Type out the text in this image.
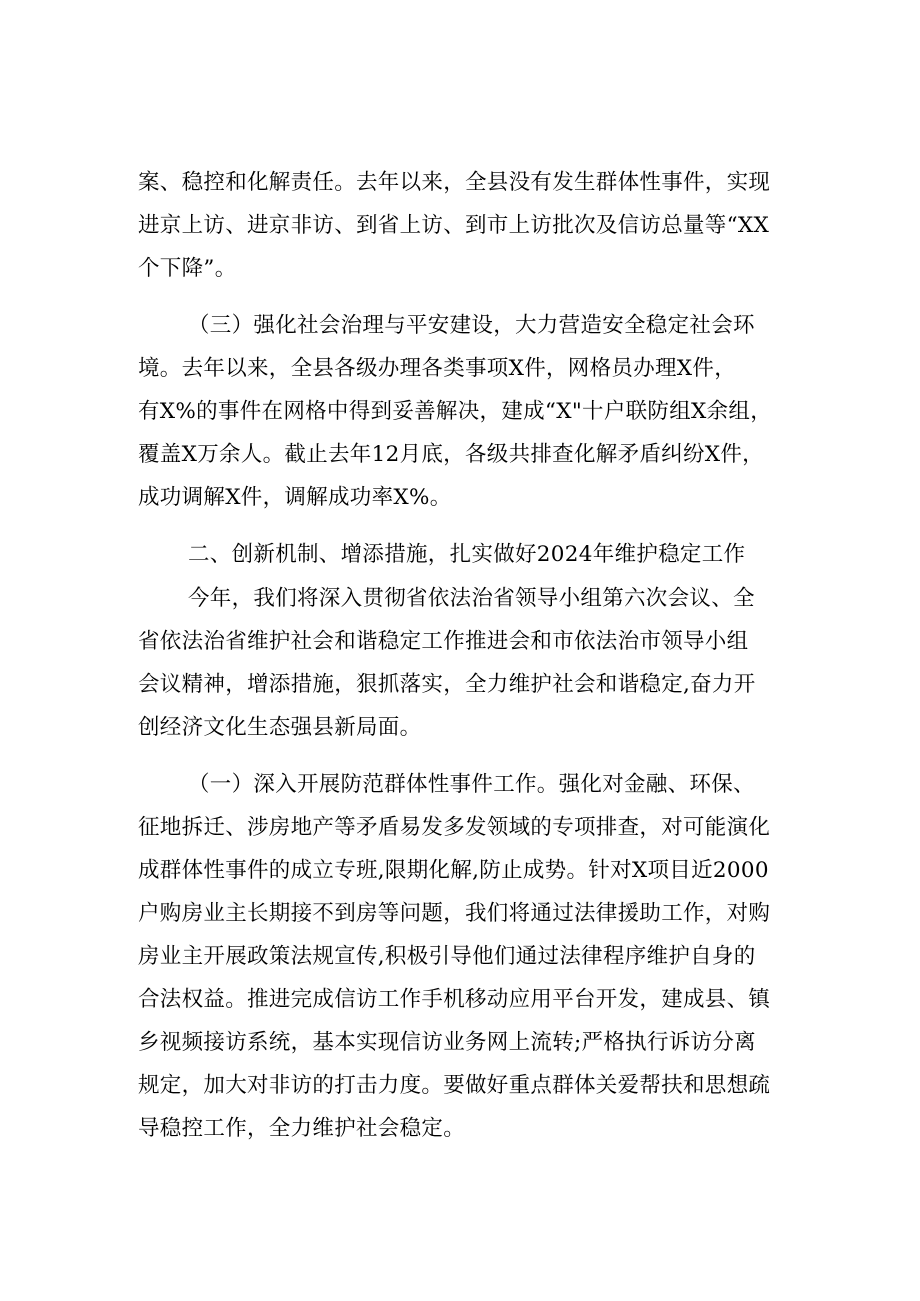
案、稳控和化解责任。去年以来，全县没有发生群体性事件，实现
进京上访、进京非访、到省上访、到市上访批次及信访总量等“XX
个下降”。
（三）强化社会治理与平安建设，大力营造安全稳定社会环
境。去年以来，全县各级办理各类事项X件，网格员办理X件，
有X%的事件在网格中得到妥善解决，建成“X"十户联防组X余组，
覆盖X万余人。截止去年12月底，各级共排查化解矛盾纠纷X件，
成功调解X件，调解成功率X%。
二、创新机制、增添措施，扎实做好2024年维护稳定工作
今年，我们将深入贯彻省依法治省领导小组第六次会议、全
省依法治省维护社会和谐稳定工作推进会和市依法治市领导小组
会议精神，增添措施，狠抓落实，全力维护社会和谐稳定,奋力开
创经济文化生态强县新局面。
（一）深入开展防范群体性事件工作。强化对金融、环保、
征地拆迁、涉房地产等矛盾易发多发领域的专项排查，对可能演化
成群体性事件的成立专班,限期化解,防止成势。针对X项目近2000
户购房业主长期接不到房等问题，我们将通过法律援助工作，对购
房业主开展政策法规宣传,积极引导他们通过法律程序维护自身的
合法权益。推进完成信访工作手机移动应用平台开发，建成县、镇
乡视频接访系统，基本实现信访业务网上流转;严格执行诉访分离
规定，加大对非访的打击力度。要做好重点群体关爱帮扶和思想疏
导稳控工作，全力维护社会稳定。
